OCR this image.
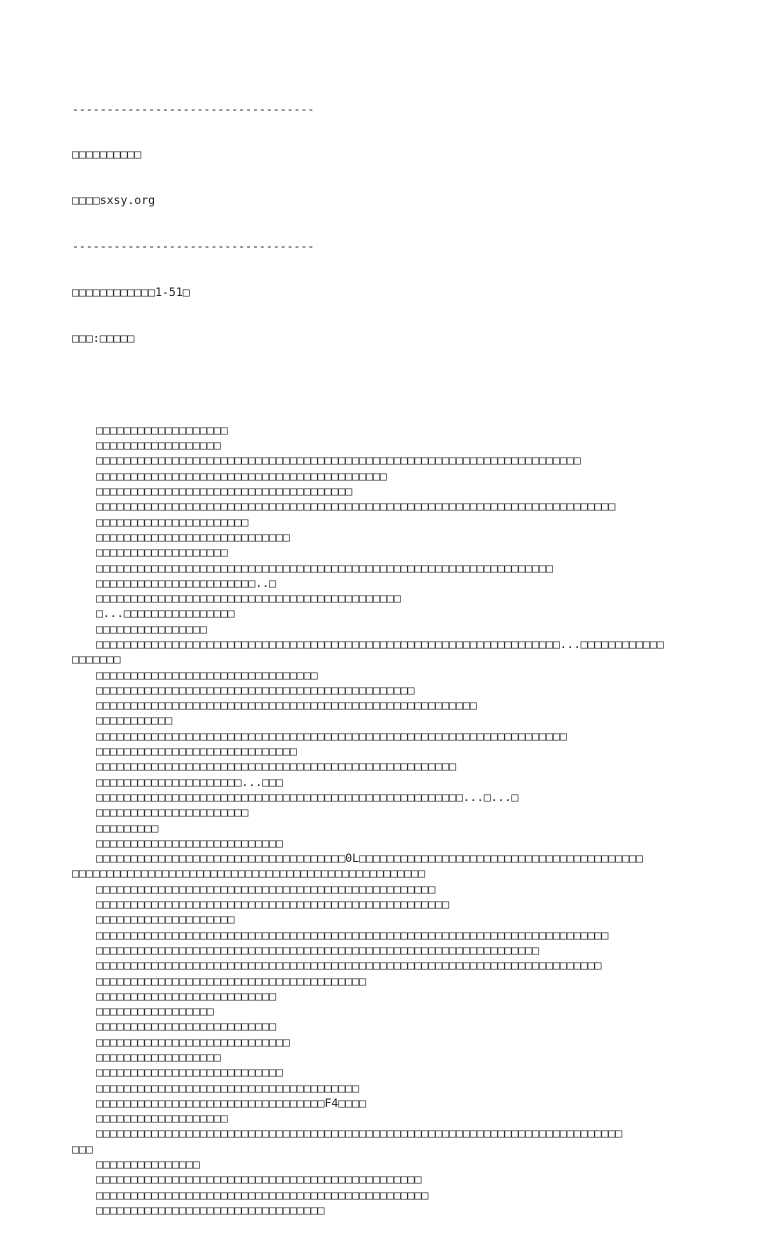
-----------------------------------

□□□□□□□□□□

□□□□sxsy.org

-----------------------------------

□□□□□□□□□□□□1-51□

□□□:□□□□□

□□□□□□□□□□□□□□□□□□□
□□□□□□□□□□□□□□□□□□
□□□□□□□□□□□□□□□□□□□□□□□□□□□□□□□□□□□□□□□□□□□□□□□□□□□□□□□□□□□□□□□□□□□□□□
□□□□□□□□□□□□□□□□□□□□□□□□□□□□□□□□□□□□□□□□□□
□□□□□□□□□□□□□□□□□□□□□□□□□□□□□□□□□□□□□
□□□□□□□□□□□□□□□□□□□□□□□□□□□□□□□□□□□□□□□□□□□□□□□□□□□□□□□□□□□□□□□□□□□□□□□□□□□
□□□□□□□□□□□□□□□□□□□□□□
□□□□□□□□□□□□□□□□□□□□□□□□□□□□
□□□□□□□□□□□□□□□□□□□
□□□□□□□□□□□□□□□□□□□□□□□□□□□□□□□□□□□□□□□□□□□□□□□□□□□□□□□□□□□□□□□□□□
□□□□□□□□□□□□□□□□□□□□□□□..□
□□□□□□□□□□□□□□□□□□□□□□□□□□□□□□□□□□□□□□□□□□□□
□...□□□□□□□□□□□□□□□□
□□□□□□□□□□□□□□□□
□□□□□□□□□□□□□□□□□□□□□□□□□□□□□□□□□□□□□□□□□□□□□□□□□□□□□□□□□□□□□□□□□□□...□□□□□□□□□□□□
□□□□□□□
□□□□□□□□□□□□□□□□□□□□□□□□□□□□□□□□
□□□□□□□□□□□□□□□□□□□□□□□□□□□□□□□□□□□□□□□□□□□□□□
□□□□□□□□□□□□□□□□□□□□□□□□□□□□□□□□□□□□□□□□□□□□□□□□□□□□□□□
□□□□□□□□□□□
□□□□□□□□□□□□□□□□□□□□□□□□□□□□□□□□□□□□□□□□□□□□□□□□□□□□□□□□□□□□□□□□□□□□
□□□□□□□□□□□□□□□□□□□□□□□□□□□□□
□□□□□□□□□□□□□□□□□□□□□□□□□□□□□□□□□□□□□□□□□□□□□□□□□□□□
□□□□□□□□□□□□□□□□□□□□□...□□□
□□□□□□□□□□□□□□□□□□□□□□□□□□□□□□□□□□□□□□□□□□□□□□□□□□□□□...□...□
□□□□□□□□□□□□□□□□□□□□□□
□□□□□□□□□
□□□□□□□□□□□□□□□□□□□□□□□□□□□
□□□□□□□□□□□□□□□□□□□□□□□□□□□□□□□□□□□□0L□□□□□□□□□□□□□□□□□□□□□□□□□□□□□□□□□□□□□□□□□
□□□□□□□□□□□□□□□□□□□□□□□□□□□□□□□□□□□□□□□□□□□□□□□□□□□
□□□□□□□□□□□□□□□□□□□□□□□□□□□□□□□□□□□□□□□□□□□□□□□□□
□□□□□□□□□□□□□□□□□□□□□□□□□□□□□□□□□□□□□□□□□□□□□□□□□□□
□□□□□□□□□□□□□□□□□□□□
□□□□□□□□□□□□□□□□□□□□□□□□□□□□□□□□□□□□□□□□□□□□□□□□□□□□□□□□□□□□□□□□□□□□□□□□□□
□□□□□□□□□□□□□□□□□□□□□□□□□□□□□□□□□□□□□□□□□□□□□□□□□□□□□□□□□□□□□□□□
□□□□□□□□□□□□□□□□□□□□□□□□□□□□□□□□□□□□□□□□□□□□□□□□□□□□□□□□□□□□□□□□□□□□□□□□□
□□□□□□□□□□□□□□□□□□□□□□□□□□□□□□□□□□□□□□□
□□□□□□□□□□□□□□□□□□□□□□□□□□
□□□□□□□□□□□□□□□□□
□□□□□□□□□□□□□□□□□□□□□□□□□□
□□□□□□□□□□□□□□□□□□□□□□□□□□□□
□□□□□□□□□□□□□□□□□□
□□□□□□□□□□□□□□□□□□□□□□□□□□□
□□□□□□□□□□□□□□□□□□□□□□□□□□□□□□□□□□□□□□
□□□□□□□□□□□□□□□□□□□□□□□□□□□□□□□□□F4□□□□
□□□□□□□□□□□□□□□□□□□
□□□□□□□□□□□□□□□□□□□□□□□□□□□□□□□□□□□□□□□□□□□□□□□□□□□□□□□□□□□□□□□□□□□□□□□□□□□□
□□□
□□□□□□□□□□□□□□□
□□□□□□□□□□□□□□□□□□□□□□□□□□□□□□□□□□□□□□□□□□□□□□□
□□□□□□□□□□□□□□□□□□□□□□□□□□□□□□□□□□□□□□□□□□□□□□□□
□□□□□□□□□□□□□□□□□□□□□□□□□□□□□□□□□
